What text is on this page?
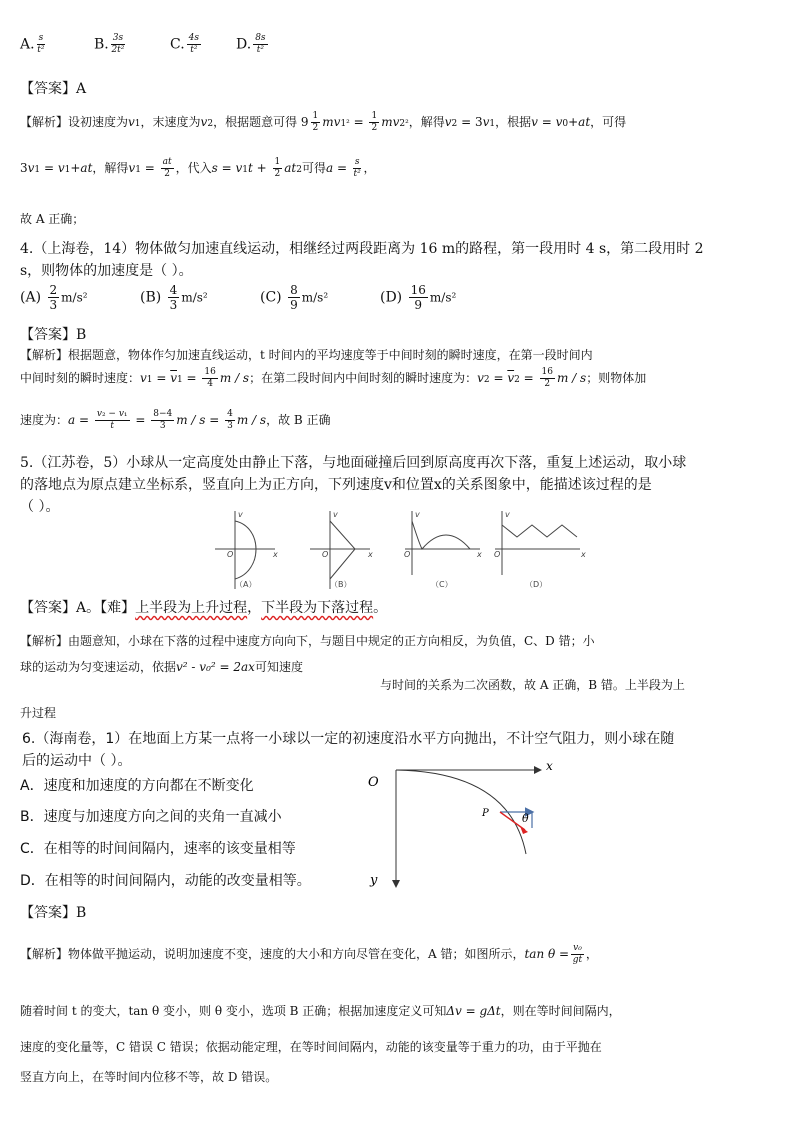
A. $\frac{s}{\text{t²}}$	B. $\frac{3s}{\text{2t²}}$	C. $\frac{4s}{\text{t²}} D$. $\frac{8s}{\text{t²}}$
【答案】A
【解析】设初速度为v1，末速度为v2，根据题意可得 $9 \frac{1}{2} mv1^2 = \frac{1}{2} mv2^2$，解得v2 = 3v1，根据v = v0+at，可得
3v1 = v1+at，解得$v1 = \frac{at}{2}$ ，代入$s = v1t + \frac{1}{2} at2$可得$a = \frac{s}{\text{t²}}$ ，
故 A 正确；
4.（上海卷，14）物体做匀加速直线运动，相继经过两段距离为 16 m的路程，第一段用时 4 s，第二段用时 2
s，则物体的加速度是（ ）。
$(A) \frac{2}{3} m/s^2$	$(B) \frac{4}{3} m/s^2$	$(C) \frac{8}{9} m/s^2$	$(D) \frac{16}{9} m/s^2$
【答案】B
【解析】根据题意，物体作匀加速直线运动，t 时间内的平均速度等于中间时刻的瞬时速度，在第一段时间内
中间时刻的瞬时速度：$v1 = \overline{v}1 = \frac{16}{4}$ m / s；在第二段时间内中间时刻的瞬时速度为：$v2 = \overline{v}2 = \frac{16}{2}$ m / s；则物体加
速度为：$a = \frac{\text{v₂ − v₁}}{t} = \frac{8-4}{3}$ $m / s = \frac{4}{3}$ m / s，故 B 正确
5.（江苏卷，5）小球从一定高度处由静止下落，与地面碰撞后回到原高度再次下落，重复上述运动，取小球
的落地点为原点建立坐标系，竖直向上为正方向，下列速度v和位置x的关系图象中，能描述该过程的是
（ ）。	v
x
O
v
x
O
v
x
O
v
x
O
（A）	（B）	（C）	（D）
【答案】A。【难】上半段为上升过程，下半段为下落过程。
【解析】由题意知，小球在下落的过程中速度方向向下，与题目中规定的正方向相反，为负值，C、D 错；小
球的运动为匀变速运动，依据v² - v₀² = 2ax可知速度
与时间的关系为二次函数，故 A 正确，B 错。上半段为上
升过程
6.（海南卷，1）在地面上方某一点将一小球以一定的初速度沿水平方向抛出，不计空气阻力，则小球在随
后的运动中（ ）。
A．速度和加速度的方向都在不断变化
B．速度与加速度方向之间的夹角一直减小
C．在相等的时间间隔内，速率的该变量相等
D．在相等的时间间隔内，动能的改变量相等。
O
x
y
P	θ
【答案】B
【解析】物体做平抛运动，说明加速度不变，速度的大小和方向尽管在变化，A 错；如图所示，$\tan \theta = \frac{\text{v₀}}{gt}$ ，
随着时间 t 的变大，tan θ 变小，则 θ 变小，选项 B 正确；根据加速度定义可知Δv = gΔt，则在等时间间隔内，
速度的变化量等，C 错误 C 错误；依据动能定理，在等时间间隔内，动能的该变量等于重力的功，由于平抛在
竖直方向上，在等时间内位移不等，故 D 错误。
